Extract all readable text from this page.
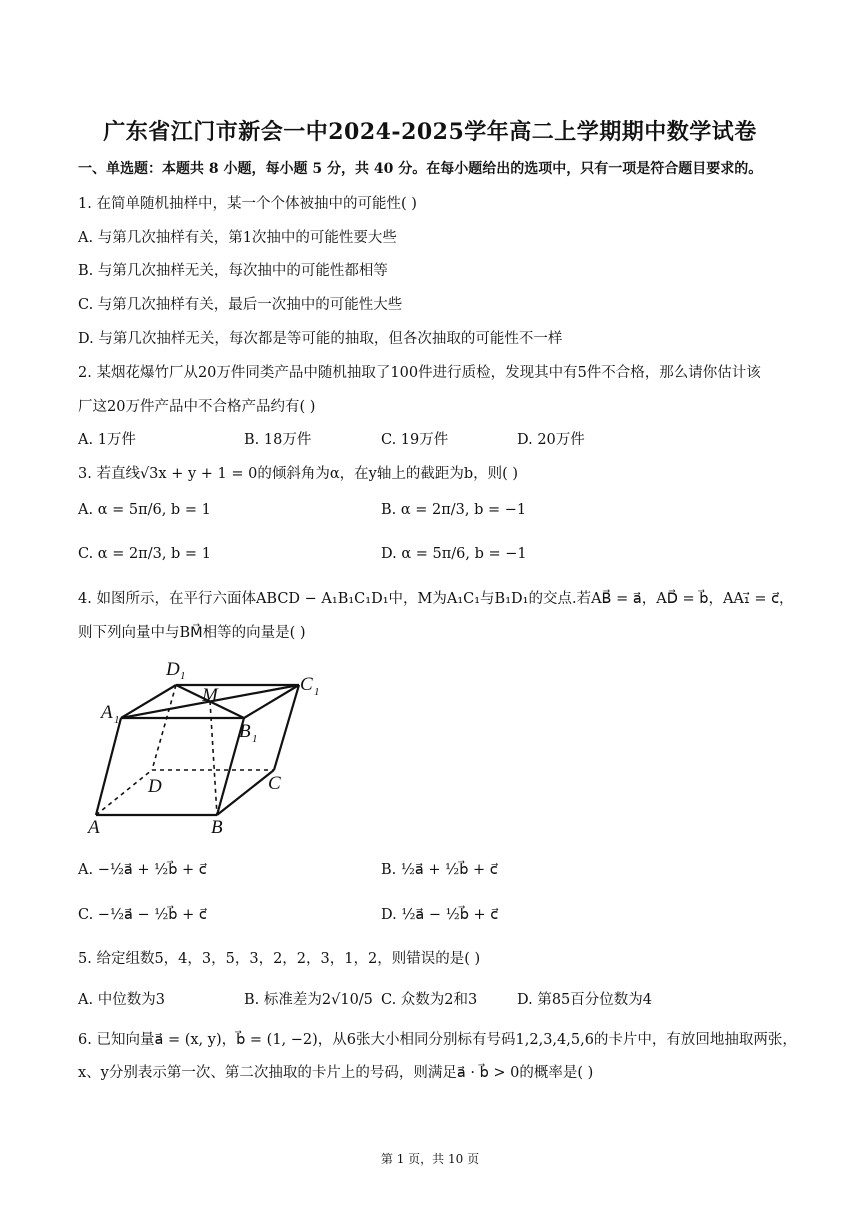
广东省江门市新会一中2024-2025学年高二上学期期中数学试卷
一、单选题：本题共 8 小题，每小题 5 分，共 40 分。在每小题给出的选项中，只有一项是符合题目要求的。
1. 在简单随机抽样中，某一个个体被抽中的可能性( )
A. 与第几次抽样有关，第1次抽中的可能性要大些
B. 与第几次抽样无关，每次抽中的可能性都相等
C. 与第几次抽样有关，最后一次抽中的可能性大些
D. 与第几次抽样无关，每次都是等可能的抽取，但各次抽取的可能性不一样
2. 某烟花爆竹厂从20万件同类产品中随机抽取了100件进行质检，发现其中有5件不合格，那么请你估计该
厂这20万件产品中不合格产品约有( )
A. 1万件	B. 18万件	C. 19万件	D. 20万件
3. 若直线√3x + y + 1 = 0的倾斜角为α，在y轴上的截距为b，则( )
A. α = 5π/6, b = 1	B. α = 2π/3, b = −1
C. α = 2π/3, b = 1	D. α = 5π/6, b = −1
4. 如图所示，在平行六面体ABCD − A₁B₁C₁D₁中，M为A₁C₁与B₁D₁的交点.若AB⃗ = a⃗，AD⃗ = b⃗，AA₁⃗ = c⃗，
则下列向量中与BM⃗相等的向量是( )
D 1
M
C 1
A 1
B 1
D	C
A	B
A. −½a⃗ + ½b⃗ + c⃗	B. ½a⃗ + ½b⃗ + c⃗
C. −½a⃗ − ½b⃗ + c⃗	D. ½a⃗ − ½b⃗ + c⃗
5. 给定组数5，4，3，5，3，2，2，3，1，2，则错误的是( )
A. 中位数为3	B. 标准差为2√10/5 C. 众数为2和3	D. 第85百分位数为4
6. 已知向量a⃗ = (x, y)，b⃗ = (1, −2)，从6张大小相同分别标有号码1,2,3,4,5,6的卡片中，有放回地抽取两张，
x、y分别表示第一次、第二次抽取的卡片上的号码，则满足a⃗ · b⃗ > 0的概率是( )
第 1 页，共 10 页
